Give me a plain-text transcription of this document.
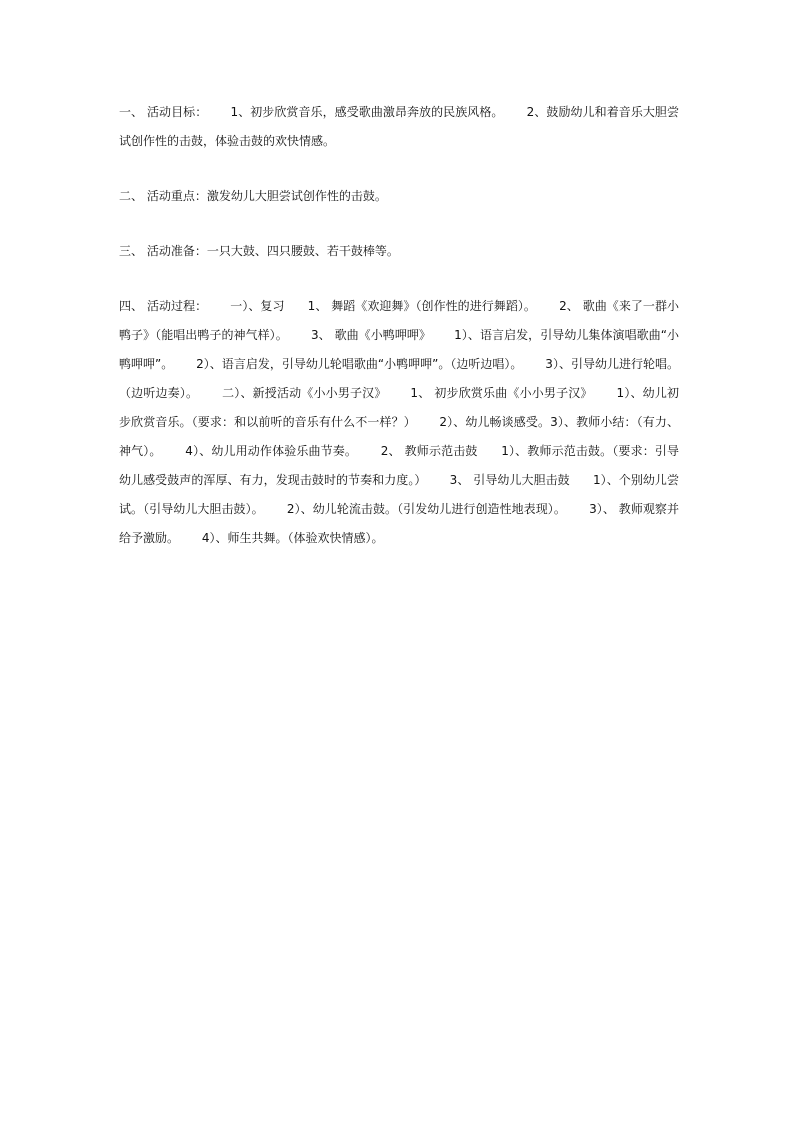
一、 活动目标：      1、初步欣赏音乐，感受歌曲激昂奔放的民族风格。      2、鼓励幼儿和着音乐大胆尝试创作性的击鼓，体验击鼓的欢快情感。

二、 活动重点：激发幼儿大胆尝试创作性的击鼓。

三、 活动准备：一只大鼓、四只腰鼓、若干鼓棒等。

四、 活动过程：      一）、复习      1、 舞蹈《欢迎舞》（创作性的进行舞蹈）。      2、 歌曲《来了一群小鸭子》（能唱出鸭子的神气样）。      3、 歌曲《小鸭呷呷》      1）、语言启发，引导幼儿集体演唱歌曲“小鸭呷呷”。      2）、语言启发，引导幼儿轮唱歌曲“小鸭呷呷”。（边听边唱）。      3）、引导幼儿进行轮唱。（边听边奏）。      二）、新授活动《小小男子汉》      1、 初步欣赏乐曲《小小男子汉》      1）、幼儿初步欣赏音乐。（要求：和以前听的音乐有什么不一样？）      2）、幼儿畅谈感受。3）、教师小结：（有力、神气）。      4）、幼儿用动作体验乐曲节奏。      2、 教师示范击鼓      1）、教师示范击鼓。（要求：引导幼儿感受鼓声的浑厚、有力，发现击鼓时的节奏和力度。）      3、 引导幼儿大胆击鼓      1）、个别幼儿尝试。（引导幼儿大胆击鼓）。      2）、幼儿轮流击鼓。（引发幼儿进行创造性地表现）。      3）、 教师观察并给予激励。      4）、师生共舞。（体验欢快情感）。
